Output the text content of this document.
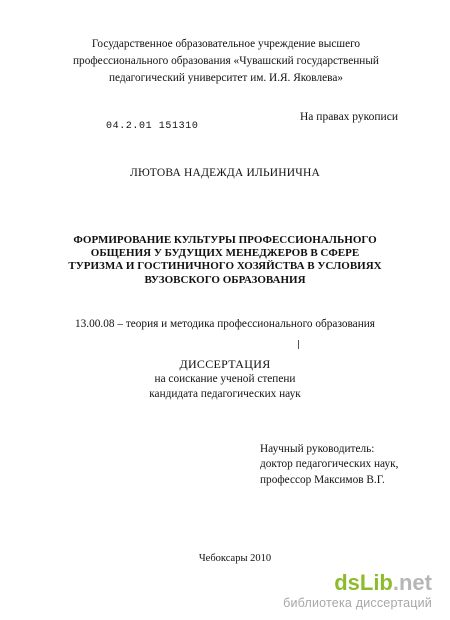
Государственное образовательное учреждение высшего
профессионального образования «Чувашский государственный
педагогический университет им. И.Я. Яковлева»
04.2.01 151310
На правах рукописи
ЛЮТОВА НАДЕЖДА ИЛЬИНИЧНА
ФОРМИРОВАНИЕ КУЛЬТУРЫ ПРОФЕССИОНАЛЬНОГО
ОБЩЕНИЯ У БУДУЩИХ МЕНЕДЖЕРОВ В СФЕРЕ
ТУРИЗМА И ГОСТИНИЧНОГО ХОЗЯЙСТВА В УСЛОВИЯХ
ВУЗОВСКОГО ОБРАЗОВАНИЯ
13.00.08 – теория и методика профессионального образования
ДИССЕРТАЦИЯ
на соискание ученой степени
кандидата педагогических наук
Научный руководитель:
доктор педагогических наук,
профессор Максимов В.Г.
Чебоксары 2010
dsLib.net
библиотека диссертаций
